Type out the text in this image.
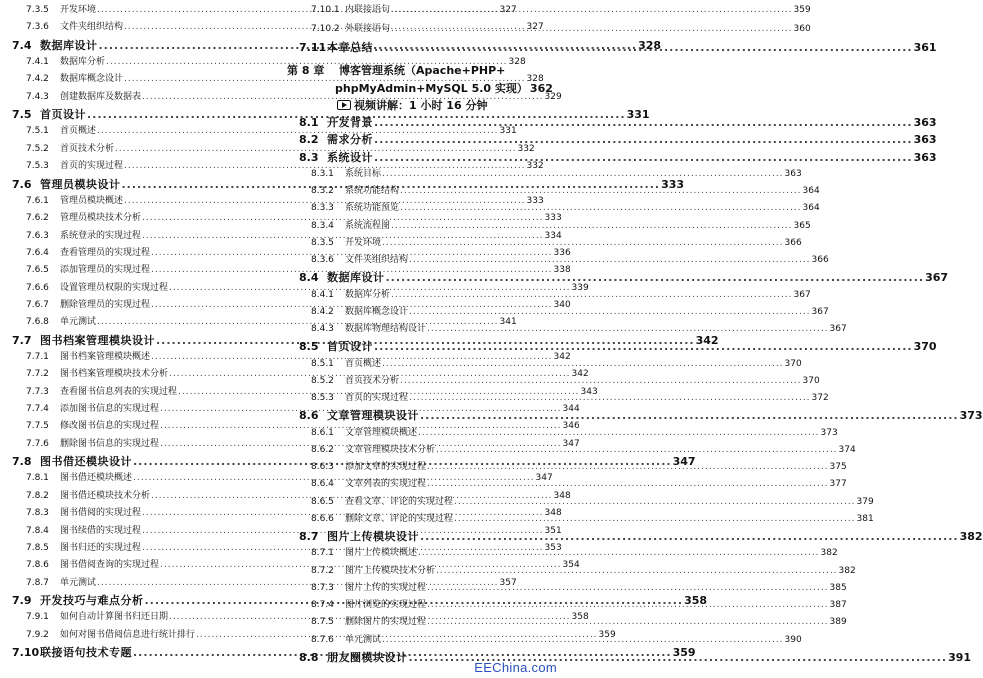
7.3.5	开发环境 .....	327
7.3.6	文件夹组织结构 .....	327
7.4 数据库设计 .....	328
7.4.1	数据库分析 .....	328
7.4.2	数据库概念设计 .....	328
7.4.3	创建数据库及数据表 .....	329
7.5 首页设计 .....	331
7.5.1	首页概述 .....	331
7.5.2	首页技术分析 .....	332
7.5.3	首页的实现过程 .....	332
7.6 管理员模块设计 .....	333
7.6.1	管理员模块概述 .....	333
7.6.2	管理员模块技术分析 .....	333
7.6.3	系统登录的实现过程 .....	334
7.6.4	查看管理员的实现过程 .....	336
7.6.5	添加管理员的实现过程 .....	338
7.6.6	设置管理员权限的实现过程 .....	339
7.6.7	删除管理员的实现过程 .....	340
7.6.8	单元测试 .....	341
7.7 图书档案管理模块设计 .....	342
7.7.1	图书档案管理模块概述 .....	342
7.7.2	图书档案管理模块技术分析 .....	342
7.7.3	查看图书信息列表的实现过程 .....	343
7.7.4	添加图书信息的实现过程 .....	344
7.7.5	修改图书信息的实现过程 .....	346
7.7.6	删除图书信息的实现过程 .....	347
7.8 图书借还模块设计 .....	347
7.8.1	图书借还模块概述 .....	347
7.8.2	图书借还模块技术分析 .....	348
7.8.3	图书借阅的实现过程 .....	348
7.8.4	图书续借的实现过程 .....	351
7.8.5	图书归还的实现过程 .....	353
7.8.6	图书借阅查询的实现过程 .....	354
7.8.7	单元测试 .....	357
7.9 开发技巧与难点分析 .....	358
7.9.1	如何自动计算图书归还日期 .....	358
7.9.2	如何对图书借阅信息进行统计排行 .....	359
7.10 联接语句技术专题 .....	359
7.10.1 内联接语句 .....	359
7.10.2 外联接语句 .....	360
7.11 本章总结 .....	361
第 8 章	博客管理系统（Apache+PHP+
phpMyAdmin+MySQL 5.0 实现） 362
视频讲解：1 小时 16 分钟
8.1 开发背景 .....	363
8.2 需求分析 .....	363
8.3 系统设计 .....	363
8.3.1	系统目标 .....	363
8.3.2	系统功能结构 .....	364
8.3.3	系统功能预览 .....	364
8.3.4	系统流程图 .....	365
8.3.5	开发环境 .....	366
8.3.6	文件夹组织结构 .....	366
8.4 数据库设计 .....	367
8.4.1	数据库分析 .....	367
8.4.2	数据库概念设计 .....	367
8.4.3	数据库物理结构设计 .....	367
8.5 首页设计 .....	370
8.5.1	首页概述 .....	370
8.5.2	首页技术分析 .....	370
8.5.3	首页的实现过程 .....	372
8.6 文章管理模块设计 .....	373
8.6.1	文章管理模块概述 .....	373
8.6.2	文章管理模块技术分析 .....	374
8.6.3	添加文章的实现过程 .....	375
8.6.4	文章列表的实现过程 .....	377
8.6.5	查看文章、评论的实现过程 .....	379
8.6.6	删除文章、评论的实现过程 .....	381
8.7 图片上传模块设计 .....	382
8.7.1	图片上传模块概述 .....	382
8.7.2	图片上传模块技术分析 .....	382
8.7.3	图片上传的实现过程 .....	385
8.7.4	图片浏览的实现过程 .....	387
8.7.5	删除图片的实现过程 .....	389
8.7.6	单元测试 .....	390
8.8 朋友圈模块设计 .....	391
EEChina.com
